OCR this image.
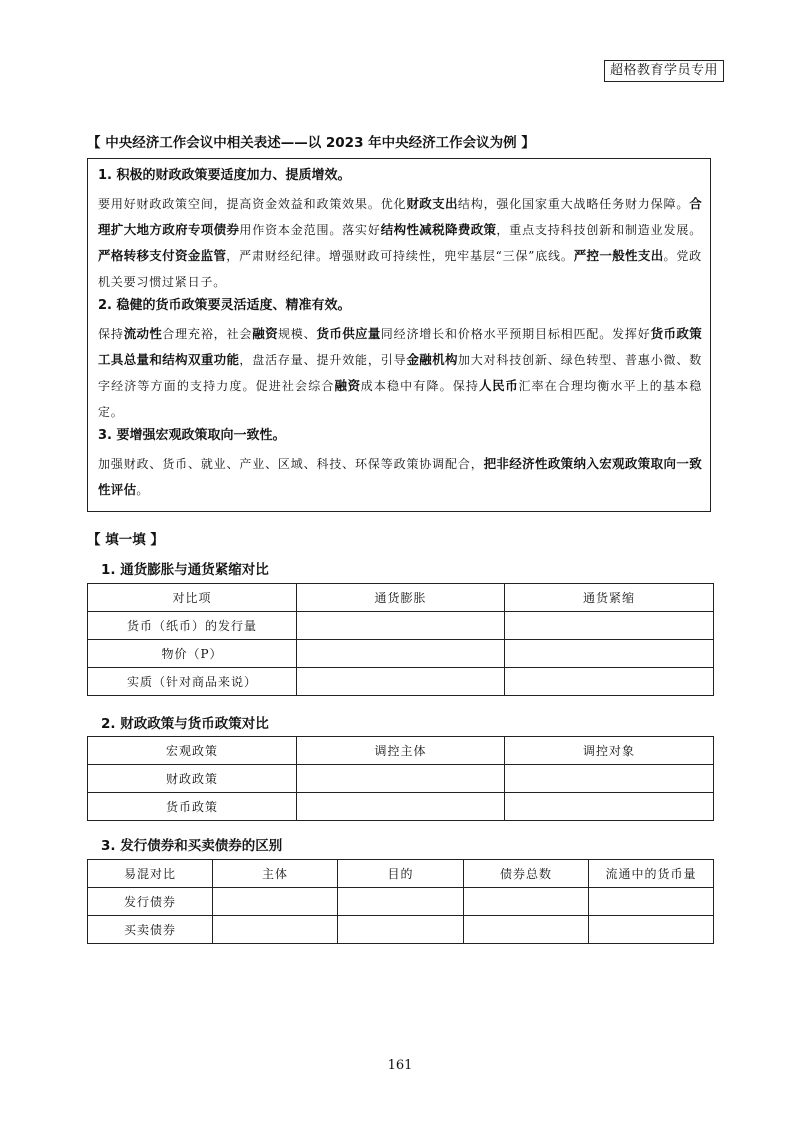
超格教育学员专用
【 中央经济工作会议中相关表述——以 2023 年中央经济工作会议为例 】
1. 积极的财政政策要适度加力、提质增效。
要用好财政政策空间，提高资金效益和政策效果。优化财政支出结构，强化国家重大战略任务财力保障。合理扩大地方政府专项债券用作资本金范围。落实好结构性减税降费政策，重点支持科技创新和制造业发展。严格转移支付资金监管，严肃财经纪律。增强财政可持续性，兜牢基层“三保”底线。严控一般性支出。党政机关要习惯过紧日子。
2. 稳健的货币政策要灵活适度、精准有效。
保持流动性合理充裕，社会融资规模、货币供应量同经济增长和价格水平预期目标相匹配。发挥好货币政策工具总量和结构双重功能，盘活存量、提升效能，引导金融机构加大对科技创新、绿色转型、普惠小微、数字经济等方面的支持力度。促进社会综合融资成本稳中有降。保持人民币汇率在合理均衡水平上的基本稳定。
3. 要增强宏观政策取向一致性。
加强财政、货币、就业、产业、区域、科技、环保等政策协调配合，把非经济性政策纳入宏观政策取向一致性评估。
【 填一填 】
1. 通货膨胀与通货紧缩对比
对比项	通货膨胀	通货紧缩
货币（纸币）的发行量		
物价（P）		
实质（针对商品来说）		
2. 财政政策与货币政策对比
宏观政策	调控主体	调控对象
财政政策		
货币政策		
3. 发行债券和买卖债券的区别
易混对比	主体	目的	债券总数	流通中的货币量
发行债券				
买卖债券				
161
